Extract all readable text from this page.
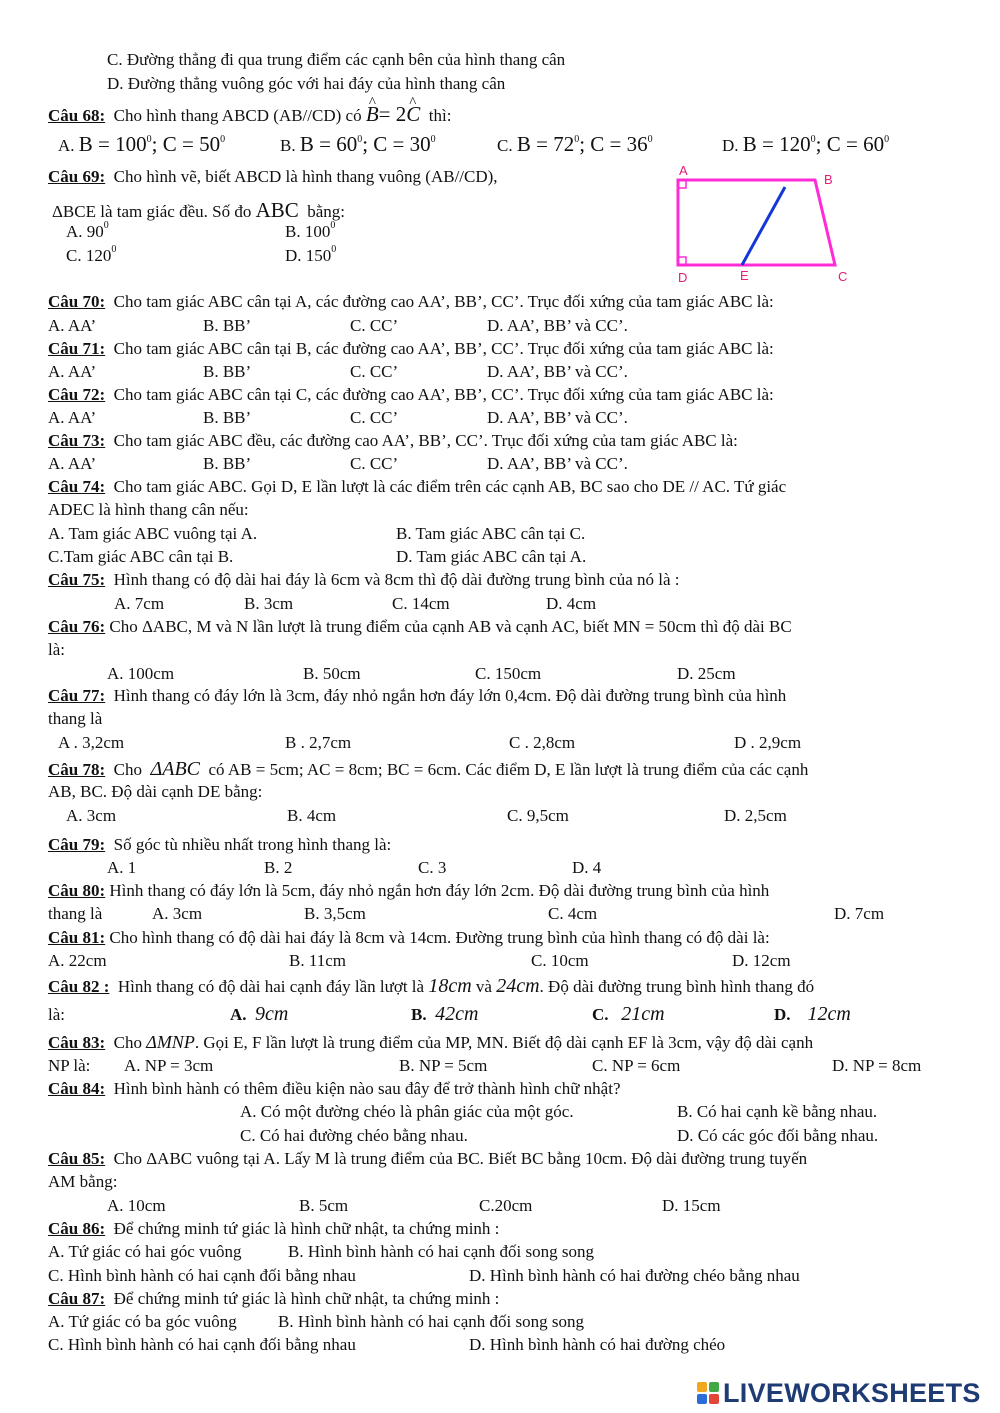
C. Đường thẳng đi qua trung điểm các cạnh bên của hình thang cân
D. Đường thẳng vuông góc với hai đáy của hình thang cân
Câu 68: Cho hình thang ABCD (AB//CD) có ^ B= 2^ C thì:
A. $B = 100^0$; $C = 50^0$	B. $B = 60^0$; $C = 30^0$	C. $B = 72^0$; $C = 36^0$	D. $B = 120^0$; $C = 60^0$
Câu 69: Cho hình vẽ, biết ABCD là hình thang vuông (AB//CD),
ΔBCE là tam giác đều. Số đo ABC bằng:
A. $90^0$	B. $100^0$
C. $120^0$	D. $150^0$
A
B
C
D	E
Câu 70: Cho tam giác ABC cân tại A, các đường cao AA’, BB’, CC’. Trục đối xứng của tam giác ABC là:
A. AA’	B. BB’	C. CC’	D. AA’, BB’ và CC’.
Câu 71: Cho tam giác ABC cân tại B, các đường cao AA’, BB’, CC’. Trục đối xứng của tam giác ABC là:
A. AA’	B. BB’	C. CC’	D. AA’, BB’ và CC’.
Câu 72: Cho tam giác ABC cân tại C, các đường cao AA’, BB’, CC’. Trục đối xứng của tam giác ABC là:
A. AA’	B. BB’	C. CC’	D. AA’, BB’ và CC’.
Câu 73: Cho tam giác ABC đều, các đường cao AA’, BB’, CC’. Trục đối xứng của tam giác ABC là:
A. AA’	B. BB’	C. CC’	D. AA’, BB’ và CC’.
Câu 74: Cho tam giác ABC. Gọi D, E lần lượt là các điểm trên các cạnh AB, BC sao cho DE // AC. Tứ giác
ADEC là hình thang cân nếu:
A. Tam giác ABC vuông tại A.	B. Tam giác ABC cân tại C.
C.Tam giác ABC cân tại B.	D. Tam giác ABC cân tại A.
Câu 75: Hình thang có độ dài hai đáy là 6cm và 8cm thì độ dài đường trung bình của nó là :
A. 7cm	B. 3cm	C. 14cm	D. 4cm
Câu 76: Cho ΔABC, M và N lần lượt là trung điểm của cạnh AB và cạnh AC, biết MN = 50cm thì độ dài BC
là:
A. 100cm	B. 50cm	C. 150cm	D. 25cm
Câu 77: Hình thang có đáy lớn là 3cm, đáy nhỏ ngắn hơn đáy lớn 0,4cm. Độ dài đường trung bình của hình
thang là
A . 3,2cm	B . 2,7cm	C . 2,8cm	D . 2,9cm
Câu 78: Cho ΔABC có AB = 5cm; AC = 8cm; BC = 6cm. Các điểm D, E lần lượt là trung điểm của các cạnh
AB, BC. Độ dài cạnh DE bằng:
A. 3cm	B. 4cm	C. 9,5cm	D. 2,5cm
Câu 79: Số góc tù nhiều nhất trong hình thang là:
A. 1	B. 2	C. 3	D. 4
Câu 80: Hình thang có đáy lớn là 5cm, đáy nhỏ ngắn hơn đáy lớn 2cm. Độ dài đường trung bình của hình
thang là	A. 3cm	B. 3,5cm	C. 4cm	D. 7cm
Câu 81: Cho hình thang có độ dài hai đáy là 8cm và 14cm. Đường trung bình của hình thang có độ dài là:
A. 22cm	B. 11cm	C. 10cm	D. 12cm
Câu 82 : Hình thang có độ dài hai cạnh đáy lần lượt là 18cm và 24cm. Độ dài đường trung bình hình thang đó
là:	A. 9cm	B. 42cm	C. 21cm	D. 12cm
Câu 83: Cho ΔMNP. Gọi E, F lần lượt là trung điểm của MP, MN. Biết độ dài cạnh EF là 3cm, vậy độ dài cạnh
NP là: A. NP = 3cm	B. NP = 5cm	C. NP = 6cm	D. NP = 8cm
Câu 84: Hình bình hành có thêm điều kiện nào sau đây để trở thành hình chữ nhật?
A. Có một đường chéo là phân giác của một góc.	B. Có hai cạnh kề bằng nhau.
C. Có hai đường chéo bằng nhau.	D. Có các góc đối bằng nhau.
Câu 85: Cho ΔABC vuông tại A. Lấy M là trung điểm của BC. Biết BC bằng 10cm. Độ dài đường trung tuyến
AM bằng:
A. 10cm	B. 5cm	C.20cm	D. 15cm
Câu 86: Để chứng minh tứ giác là hình chữ nhật, ta chứng minh :
A. Tứ giác có hai góc vuông	B. Hình bình hành có hai cạnh đối song song
C. Hình bình hành có hai cạnh đối bằng nhau	D. Hình bình hành có hai đường chéo bằng nhau
Câu 87: Để chứng minh tứ giác là hình chữ nhật, ta chứng minh :
A. Tứ giác có ba góc vuông B. Hình bình hành có hai cạnh đối song song
C. Hình bình hành có hai cạnh đối bằng nhau	D. Hình bình hành có hai đường chéo
LIVEWORKSHEETS
